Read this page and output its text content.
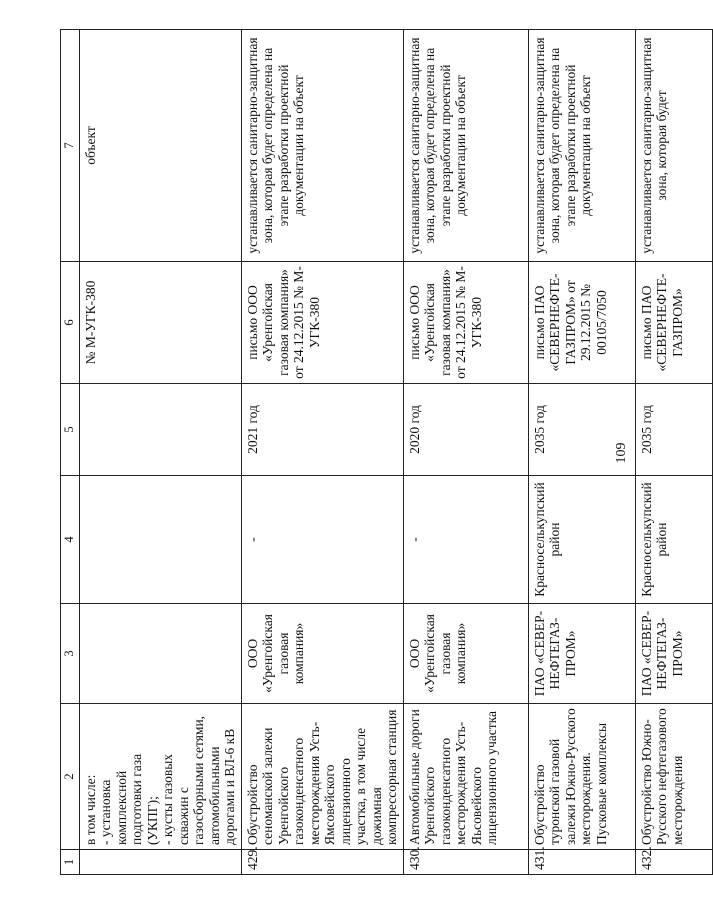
109
1	2	3	4	5	6	7
	в том числе:
- установка комплексной подготовки газа (УКПГ);
- кусты газовых скважин с газосборными сетями, автомобильными дорогами и ВЛ-6 кВ				№ М-УГК-380	объект
429.	Обустройство сеноманской залежи Уренгойского газоконденсатного месторождения Усть-Ямсовейского лицензионного участка, в том числе дожимная компрессорная станция	ООО «Уренгойская газовая компания»	-	2021 год	письмо ООО «Уренгойская газовая компания» от 24.12.2015 № М-УГК-380	устанавливается санитарно-защитная зона, которая будет определена на этапе разработки проектной документации на объект
430.	Автомобильные дороги Уренгойского газоконденсатного месторождения Усть-Яьсовейского лицензионного участка	ООО «Уренгойская газовая компания»	-	2020 год	письмо ООО «Уренгойская газовая компания» от 24.12.2015 № М-УГК-380	устанавливается санитарно-защитная зона, которая будет определена на этапе разработки проектной документации на объект
431.	Обустройство туронской газовой залежи Южно-Русского месторождения. Пусковые комплексы	ПАО «СЕВЕР-НЕФТЕГАЗ-ПРОМ»	Красноселькупский район	2035 год	письмо ПАО «СЕВЕРНЕФТЕ-ГАЗПРОМ» от 29.12.2015 № 00105/7050	устанавливается санитарно-защитная зона, которая будет определена на этапе разработки проектной документации на объект
432.	Обустройство Южно-Русского нефтегазового месторождения	ПАО «СЕВЕР-НЕФТЕГАЗ-ПРОМ»	Красноселькупский район	2035 год	письмо ПАО «СЕВЕРНЕФТЕ-ГАЗПРОМ»	устанавливается санитарно-защитная зона, которая будет
